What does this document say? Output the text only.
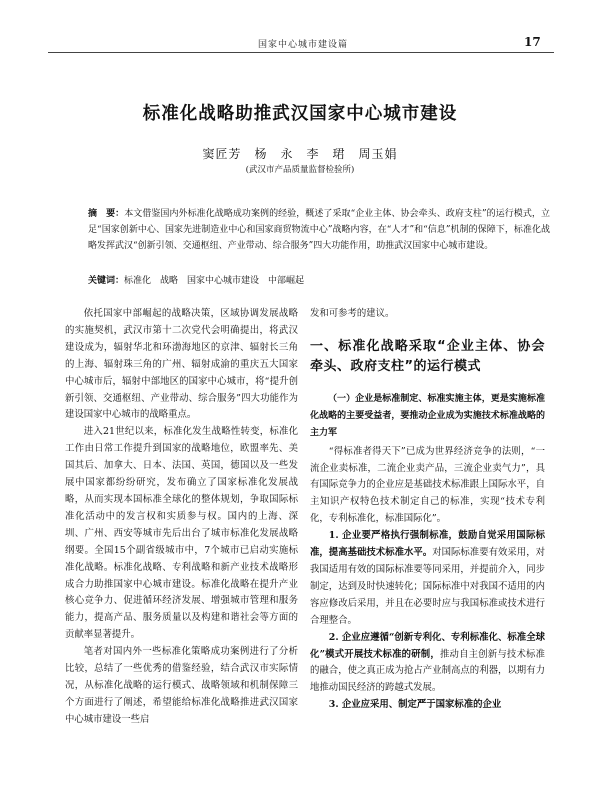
国家中心城市建设篇	17
标准化战略助推武汉国家中心城市建设
窦匠芳　杨　永　李　珺　周玉娟
(武汉市产品质量监督检验所)
摘　要：本文借鉴国内外标准化战略成功案例的经验，概述了采取“企业主体、协会牵头、政府支柱”的运行模式，立足“国家创新中心、国家先进制造业中心和国家商贸物流中心”战略内容，在“人才”和“信息”机制的保障下，标准化战略发挥武汉“创新引领、交通枢纽、产业带动、综合服务”四大功能作用，助推武汉国家中心城市建设。
关键词：标准化　战略　国家中心城市建设　中部崛起

依托国家中部崛起的战略决策，区域协调发展战略的实施契机，武汉市第十二次党代会明确提出，将武汉建设成为，辐射华北和环渤海地区的京津、辐射长三角的上海、辐射珠三角的广州、辐射成渝的重庆五大国家中心城市后，辐射中部地区的国家中心城市，将“提升创新引领、交通枢纽、产业带动、综合服务”四大功能作为建设国家中心城市的战略重点。

进入21世纪以来，标准化发生战略性转变，标准化工作由日常工作提升到国家的战略地位，欧盟率先、美国其后、加拿大、日本、法国、英国，德国以及一些发展中国家都纷纷研究，发布确立了国家标准化发展战略，从而实现本国标准全球化的整体规划，争取国际标准化活动中的发言权和实质参与权。国内的上海、深圳、广州、西安等城市先后出台了城市标准化发展战略纲要。全国15个副省级城市中，7个城市已启动实施标准化战略。标准化战略、专利战略和新产业技术战略形成合力助推国家中心城市建设。标准化战略在提升产业核心竞争力、促进循环经济发展、增强城市管理和服务能力，提高产品、服务质量以及构建和谐社会等方面的贡献率显著提升。

笔者对国内外一些标准化策略成功案例进行了分析比较，总结了一些优秀的借鉴经验，结合武汉市实际情况，从标准化战略的运行模式、战略领域和机制保障三个方面进行了阐述，希望能给标准化战略推进武汉国家中心城市建设一些启

发和可参考的建议。

一、标准化战略采取“企业主体、协会牵头、政府支柱”的运行模式

（一）企业是标准制定、标准实施主体，更是实施标准化战略的主要受益者，要推动企业成为实施技术标准战略的主力军

“得标准者得天下”已成为世界经济竞争的法则，“一流企业卖标准，二流企业卖产品，三流企业卖气力”，具有国际竞争力的企业应是基础技术标准跟上国际水平，自主知识产权特色技术制定自己的标准，实现“技术专利化，专利标准化，标准国际化”。

1. 企业要严格执行强制标准，鼓励自觉采用国际标准，提高基础技术标准水平。对国际标准要有效采用，对我国适用有效的国际标准要等同采用，并提前介入，同步制定，达到及时快速转化；国际标准中对我国不适用的内容应修改后采用，并且在必要时应与我国标准或技术进行合理整合。

2. 企业应遵循“创新专利化、专利标准化、标准全球化”模式开展技术标准的研制，推动自主创新与技术标准的融合，使之真正成为抢占产业制高点的利器，以期有力地推动国民经济的跨越式发展。

3. 企业应采用、制定严于国家标准的企业
